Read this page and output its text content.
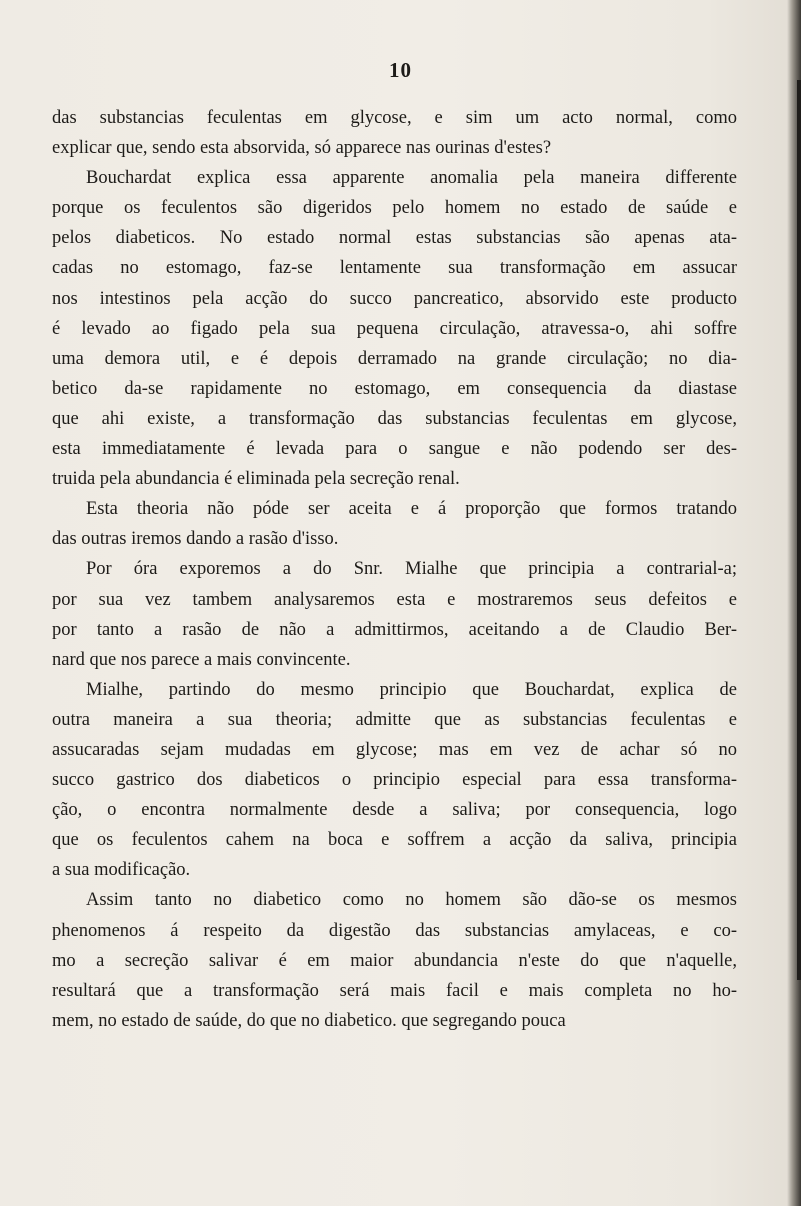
10

das substancias feculentas em glycose, e sim um acto normal, como
explicar que, sendo esta absorvida, só apparece nas ourinas d'estes?

Bouchardat explica essa apparente anomalia pela maneira differente
porque os feculentos são digeridos pelo homem no estado de saúde e
pelos diabeticos. No estado normal estas substancias são apenas ata-
cadas no estomago, faz-se lentamente sua transformação em assucar
nos intestinos pela acção do succo pancreatico, absorvido este producto
é levado ao figado pela sua pequena circulação, atravessa-o, ahi soffre
uma demora util, e é depois derramado na grande circulação; no dia-
betico da-se rapidamente no estomago, em consequencia da diastase
que ahi existe, a transformação das substancias feculentas em glycose,
esta immediatamente é levada para o sangue e não podendo ser des-
truida pela abundancia é eliminada pela secreção renal.

Esta theoria não póde ser aceita e á proporção que formos tratando
das outras iremos dando a rasão d'isso.

Por óra exporemos a do Snr. Mialhe que principia a contrarial-a;
por sua vez tambem analysaremos esta e mostraremos seus defeitos e
por tanto a rasão de não a admittirmos, aceitando a de Claudio Ber-
nard que nos parece a mais convincente.

Mialhe, partindo do mesmo principio que Bouchardat, explica de
outra maneira a sua theoria; admitte que as substancias feculentas e
assucaradas sejam mudadas em glycose; mas em vez de achar só no
succo gastrico dos diabeticos o principio especial para essa transforma-
ção, o encontra normalmente desde a saliva; por consequencia, logo
que os feculentos cahem na boca e soffrem a acção da saliva, principia
a sua modificação.

Assim tanto no diabetico como no homem são dão-se os mesmos
phenomenos á respeito da digestão das substancias amylaceas, e co-
mo a secreção salivar é em maior abundancia n'este do que n'aquelle,
resultará que a transformação será mais facil e mais completa no ho-
mem, no estado de saúde, do que no diabetico. que segregando pouca
